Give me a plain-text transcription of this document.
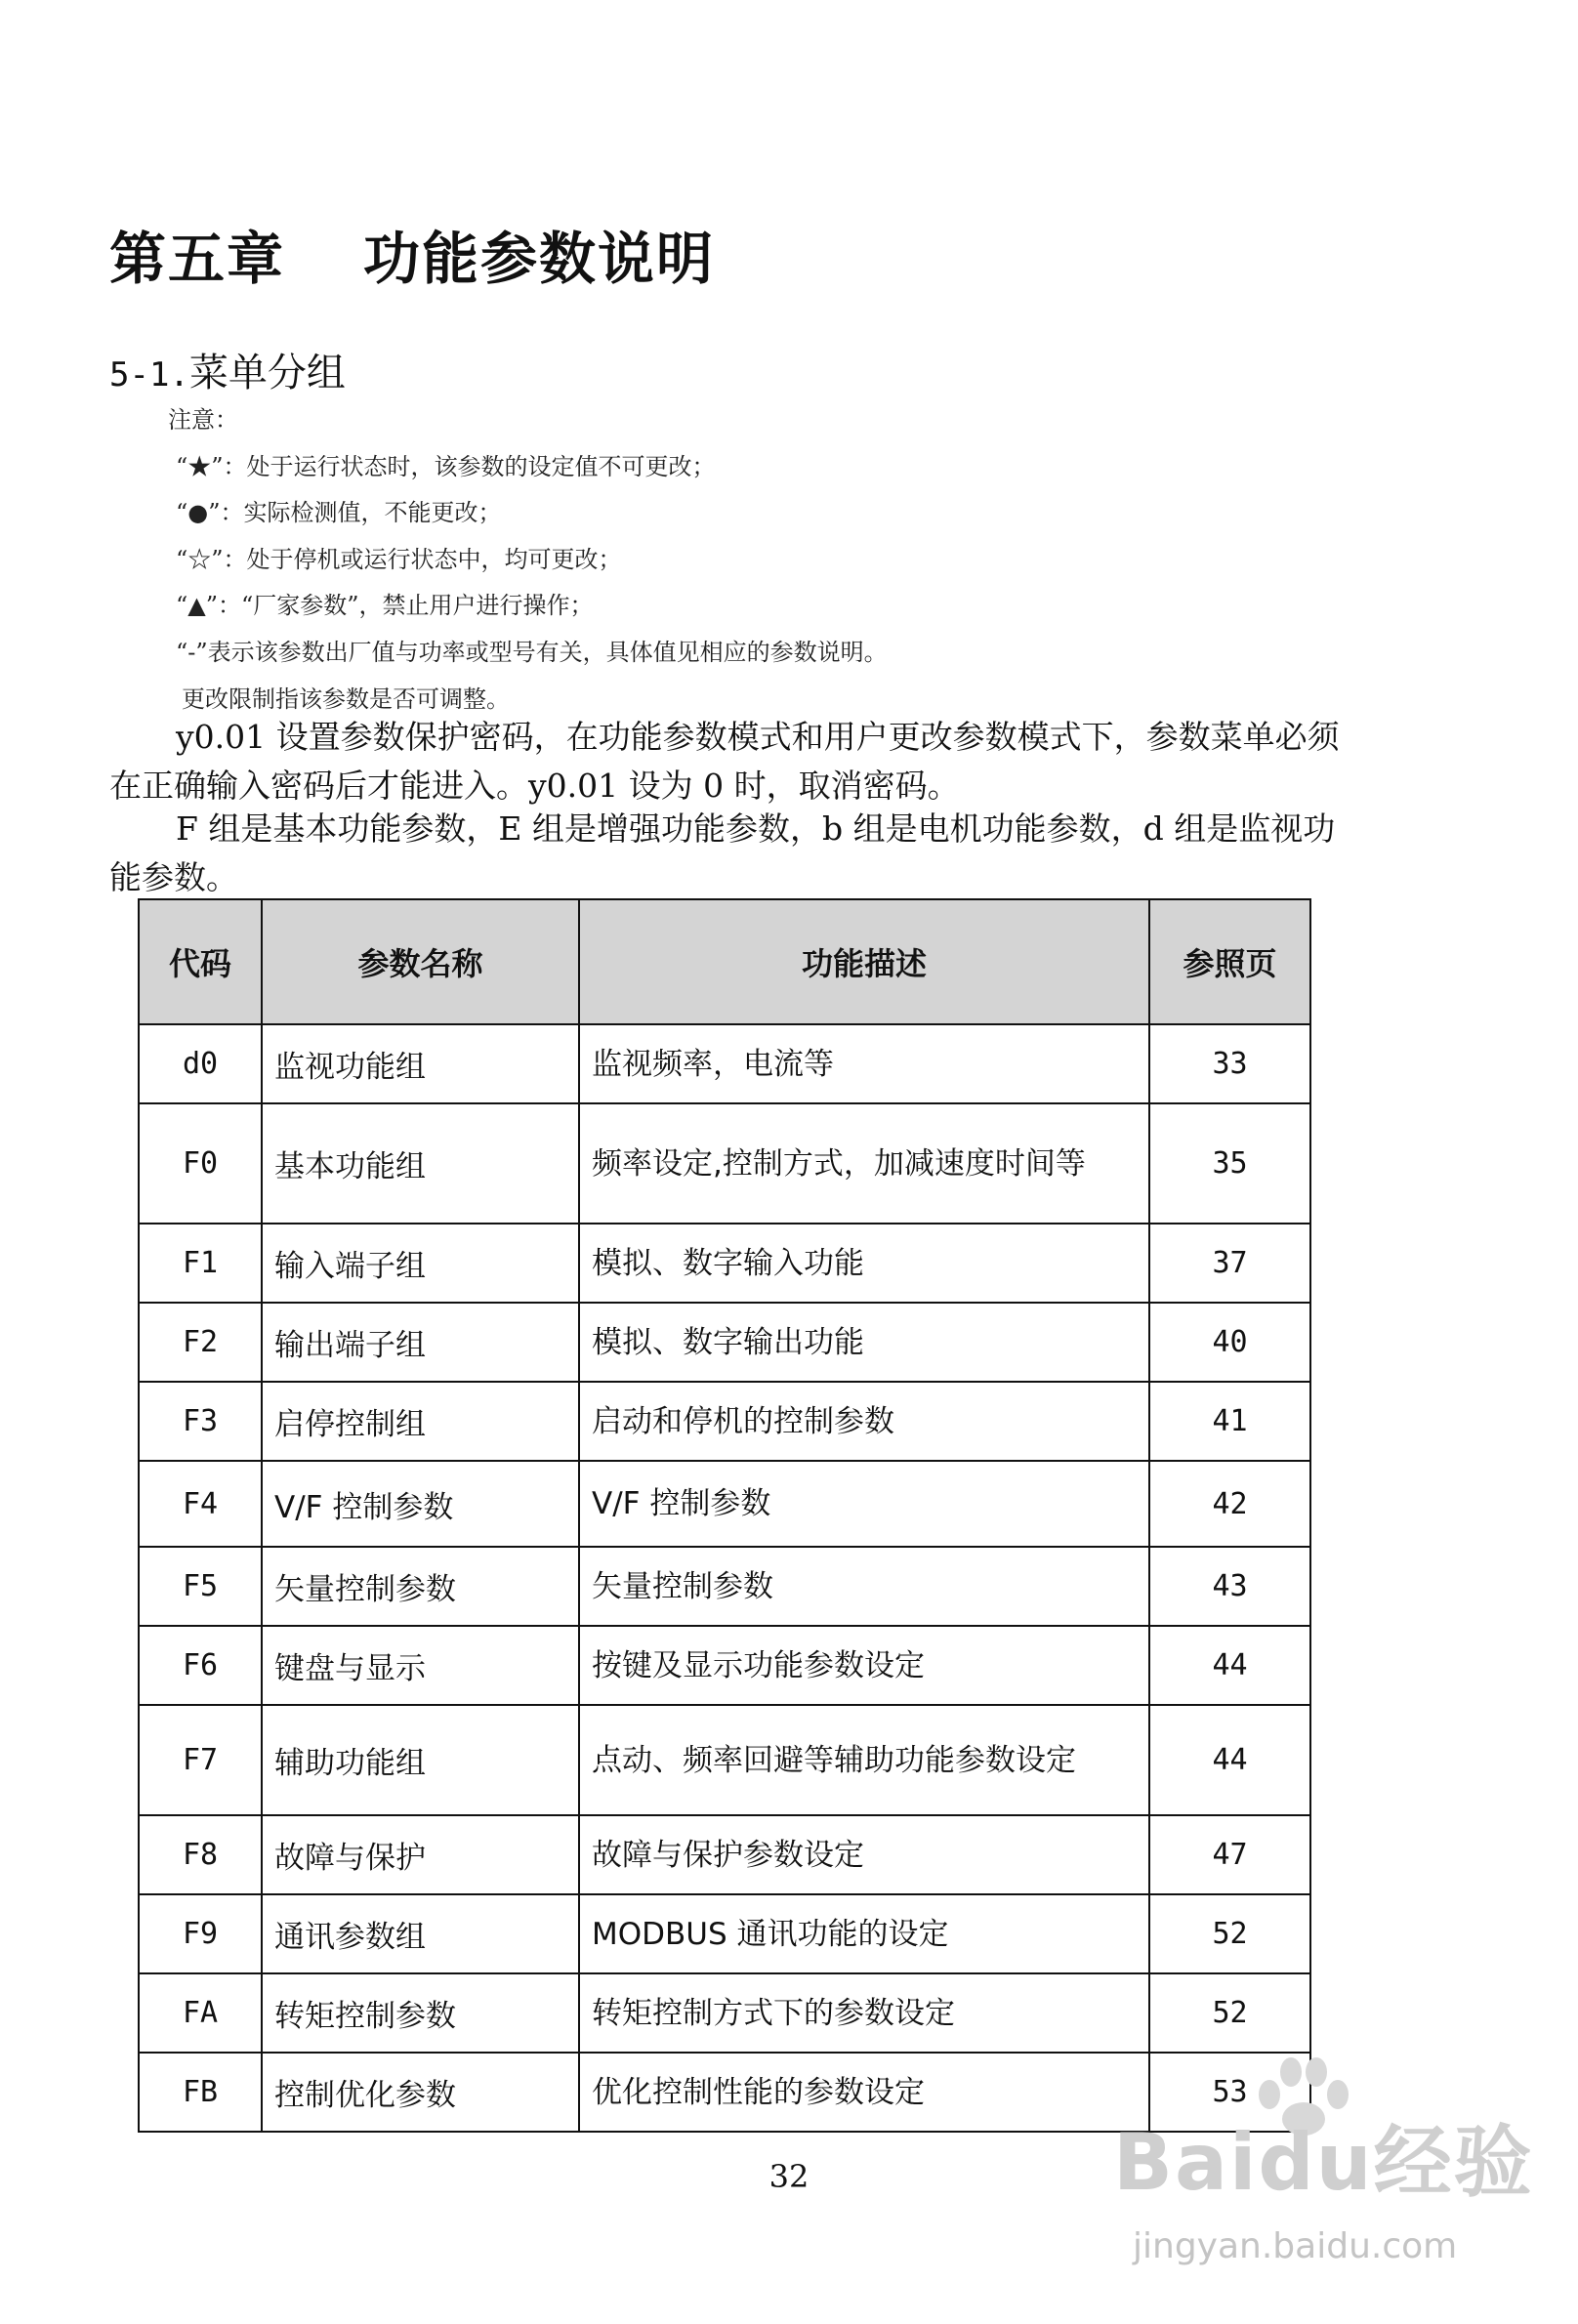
第五章 功能参数说明
5-1.菜单分组
注意：
“★”：处于运行状态时，该参数的设定值不可更改；
“●”：实际检测值，不能更改；
“☆”：处于停机或运行状态中，均可更改；
“▲”：“厂家参数”，禁止用户进行操作；
“-”表示该参数出厂值与功率或型号有关，具体值见相应的参数说明。
更改限制指该参数是否可调整。
y0.01 设置参数保护密码，在功能参数模式和用户更改参数模式下，参数菜单必须在正确输入密码后才能进入。y0.01 设为 0 时，取消密码。
F 组是基本功能参数，E 组是增强功能参数，b 组是电机功能参数，d 组是监视功能参数。
代码	参数名称	功能描述	参照页
d0	监视功能组	监视频率，电流等	33
F0	基本功能组	频率设定,控制方式，加减速度时间等	35
F1	输入端子组	模拟、数字输入功能	37
F2	输出端子组	模拟、数字输出功能	40
F3	启停控制组	启动和停机的控制参数	41
F4	V/F 控制参数	V/F 控制参数	42
F5	矢量控制参数	矢量控制参数	43
F6	键盘与显示	按键及显示功能参数设定	44
F7	辅助功能组	点动、频率回避等辅助功能参数设定	44
F8	故障与保护	故障与保护参数设定	47
F9	通讯参数组	MODBUS 通讯功能的设定	52
FA	转矩控制参数	转矩控制方式下的参数设定	52
FB	控制优化参数	优化控制性能的参数设定	53
32	Baidu经验
jingyan.baidu.com
